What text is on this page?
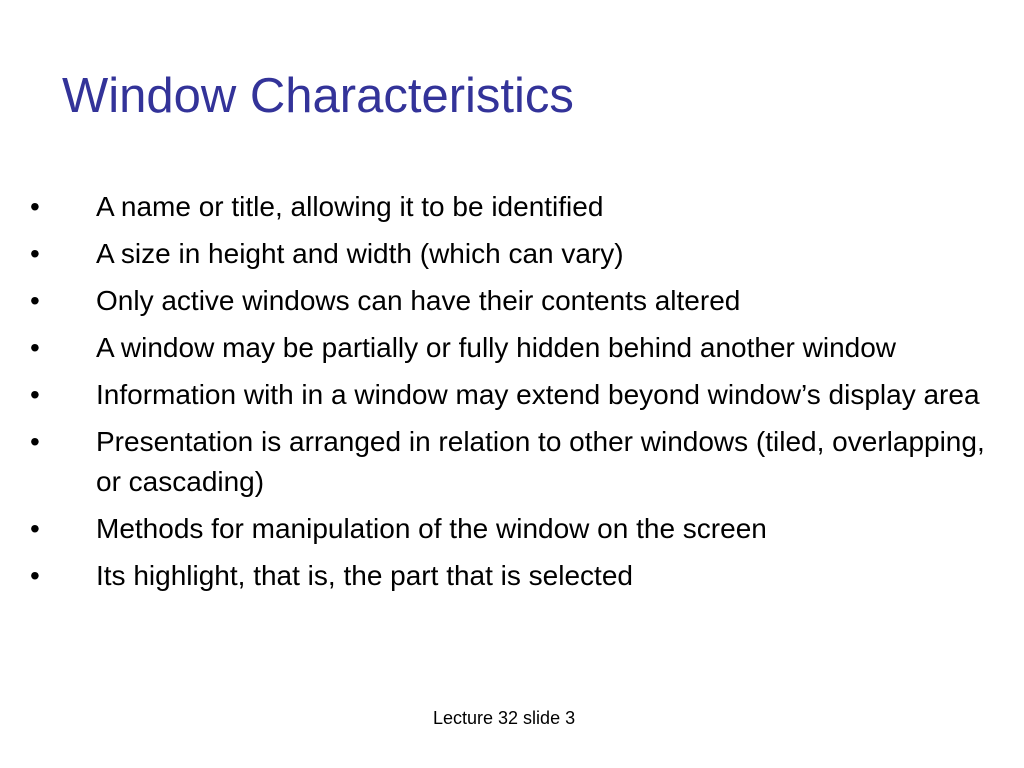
Window Characteristics
•	A name or title, allowing it to be identified
•	A size in height and width (which can vary)
•	Only active windows can have their contents altered
•	A window may be partially or fully hidden behind another window
•	Information with in a window may extend beyond window’s display area
•	Presentation is arranged in relation to other windows (tiled, overlapping, or cascading)
•	Methods for manipulation of the window on the screen
•	Its highlight, that is, the part that is selected
Lecture 32 slide 3
